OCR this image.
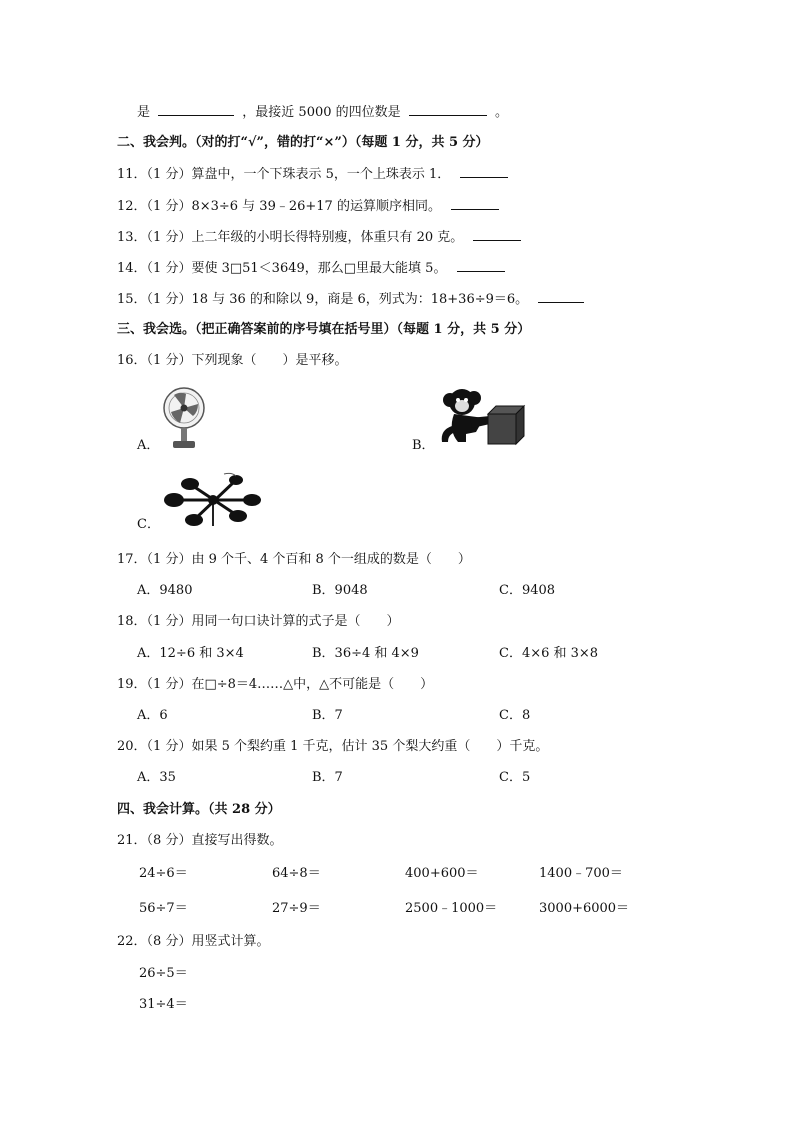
是	，最接近 5000 的四位数是	。
二、我会判。（对的打“√”，错的打“×”）（每题 1 分，共 5 分）
11．（1 分）算盘中，一个下珠表示 5，一个上珠表示 1．
12．（1 分）8×3÷6 与 39﹣26+17 的运算顺序相同。
13．（1 分）上二年级的小明长得特别瘦，体重只有 20 克。
14．（1 分）要使 3□51＜3649，那么□里最大能填 5。
15．（1 分）18 与 36 的和除以 9，商是 6，列式为：18+36÷9＝6。
三、我会选。（把正确答案前的序号填在括号里）（每题 1 分，共 5 分）
16．（1 分）下列现象（　　）是平移。
A．	B．
C．
17．（1 分）由 9 个千、4 个百和 8 个一组成的数是（　　）
A．9480	B．9048	C．9408
18．（1 分）用同一句口诀计算的式子是（　　）
A．12÷6 和 3×4	B．36÷4 和 4×9	C．4×6 和 3×8
19．（1 分）在□÷8＝4……△中，△不可能是（　　）
A．6	B．7	C．8
20．（1 分）如果 5 个梨约重 1 千克，估计 35 个梨大约重（　　）千克。
A．35	B．7	C．5
四、我会计算。（共 28 分）
21．（8 分）直接写出得数。
24÷6＝	64÷8＝	400+600＝	1400﹣700＝
56÷7＝	27÷9＝	2500﹣1000＝	3000+6000＝
22．（8 分）用竖式计算。
26÷5＝
31÷4＝
